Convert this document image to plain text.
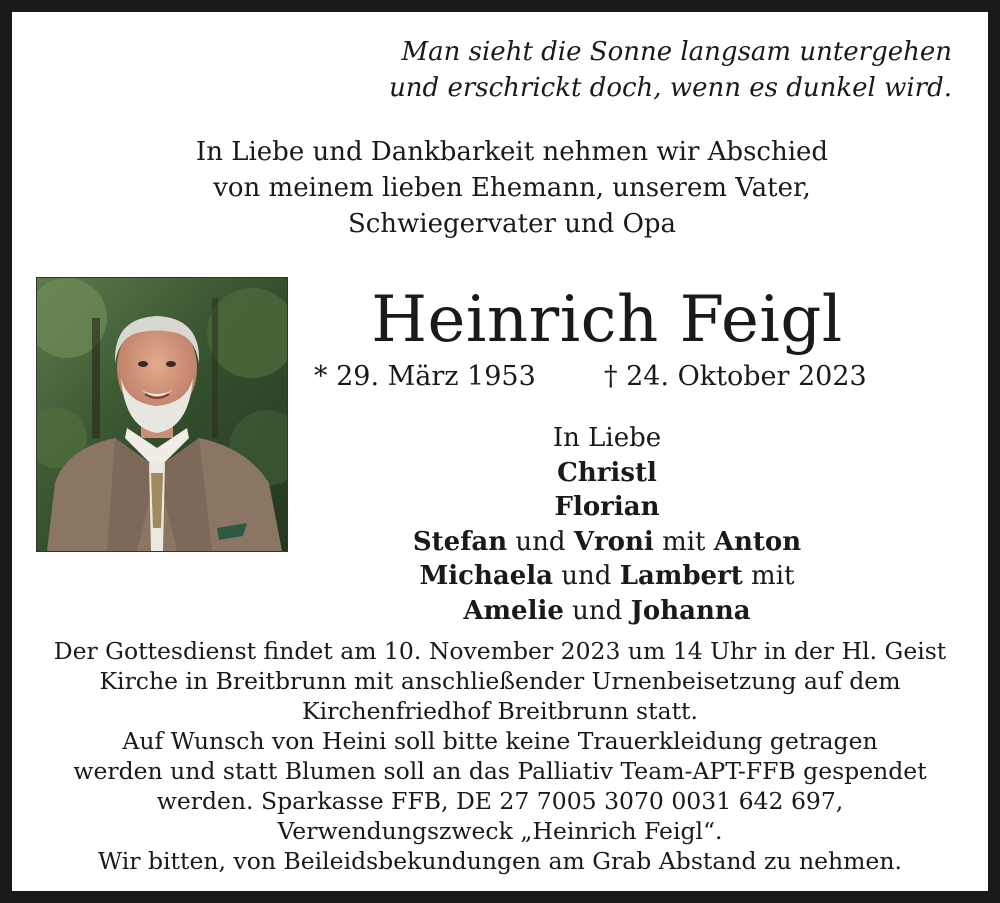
Man sieht die Sonne langsam untergehen
und erschrickt doch, wenn es dunkel wird.
In Liebe und Dankbarkeit nehmen wir Abschied
von meinem lieben Ehemann, unserem Vater,
Schwiegervater und Opa
Heinrich Feigl
* 29. März 1953	† 24. Oktober 2023
In Liebe
Christl
Florian
Stefan und Vroni mit Anton
Michaela und Lambert mit
Amelie und Johanna
Der Gottesdienst findet am 10. November 2023 um 14 Uhr in der Hl. Geist
Kirche in Breitbrunn mit anschließender Urnenbeisetzung auf dem
Kirchenfriedhof Breitbrunn statt.
Auf Wunsch von Heini soll bitte keine Trauerkleidung getragen
werden und statt Blumen soll an das Palliativ Team-APT-FFB gespendet
werden. Sparkasse FFB, DE 27 7005 3070 0031 642 697,
Verwendungszweck „Heinrich Feigl“.
Wir bitten, von Beileidsbekundungen am Grab Abstand zu nehmen.
